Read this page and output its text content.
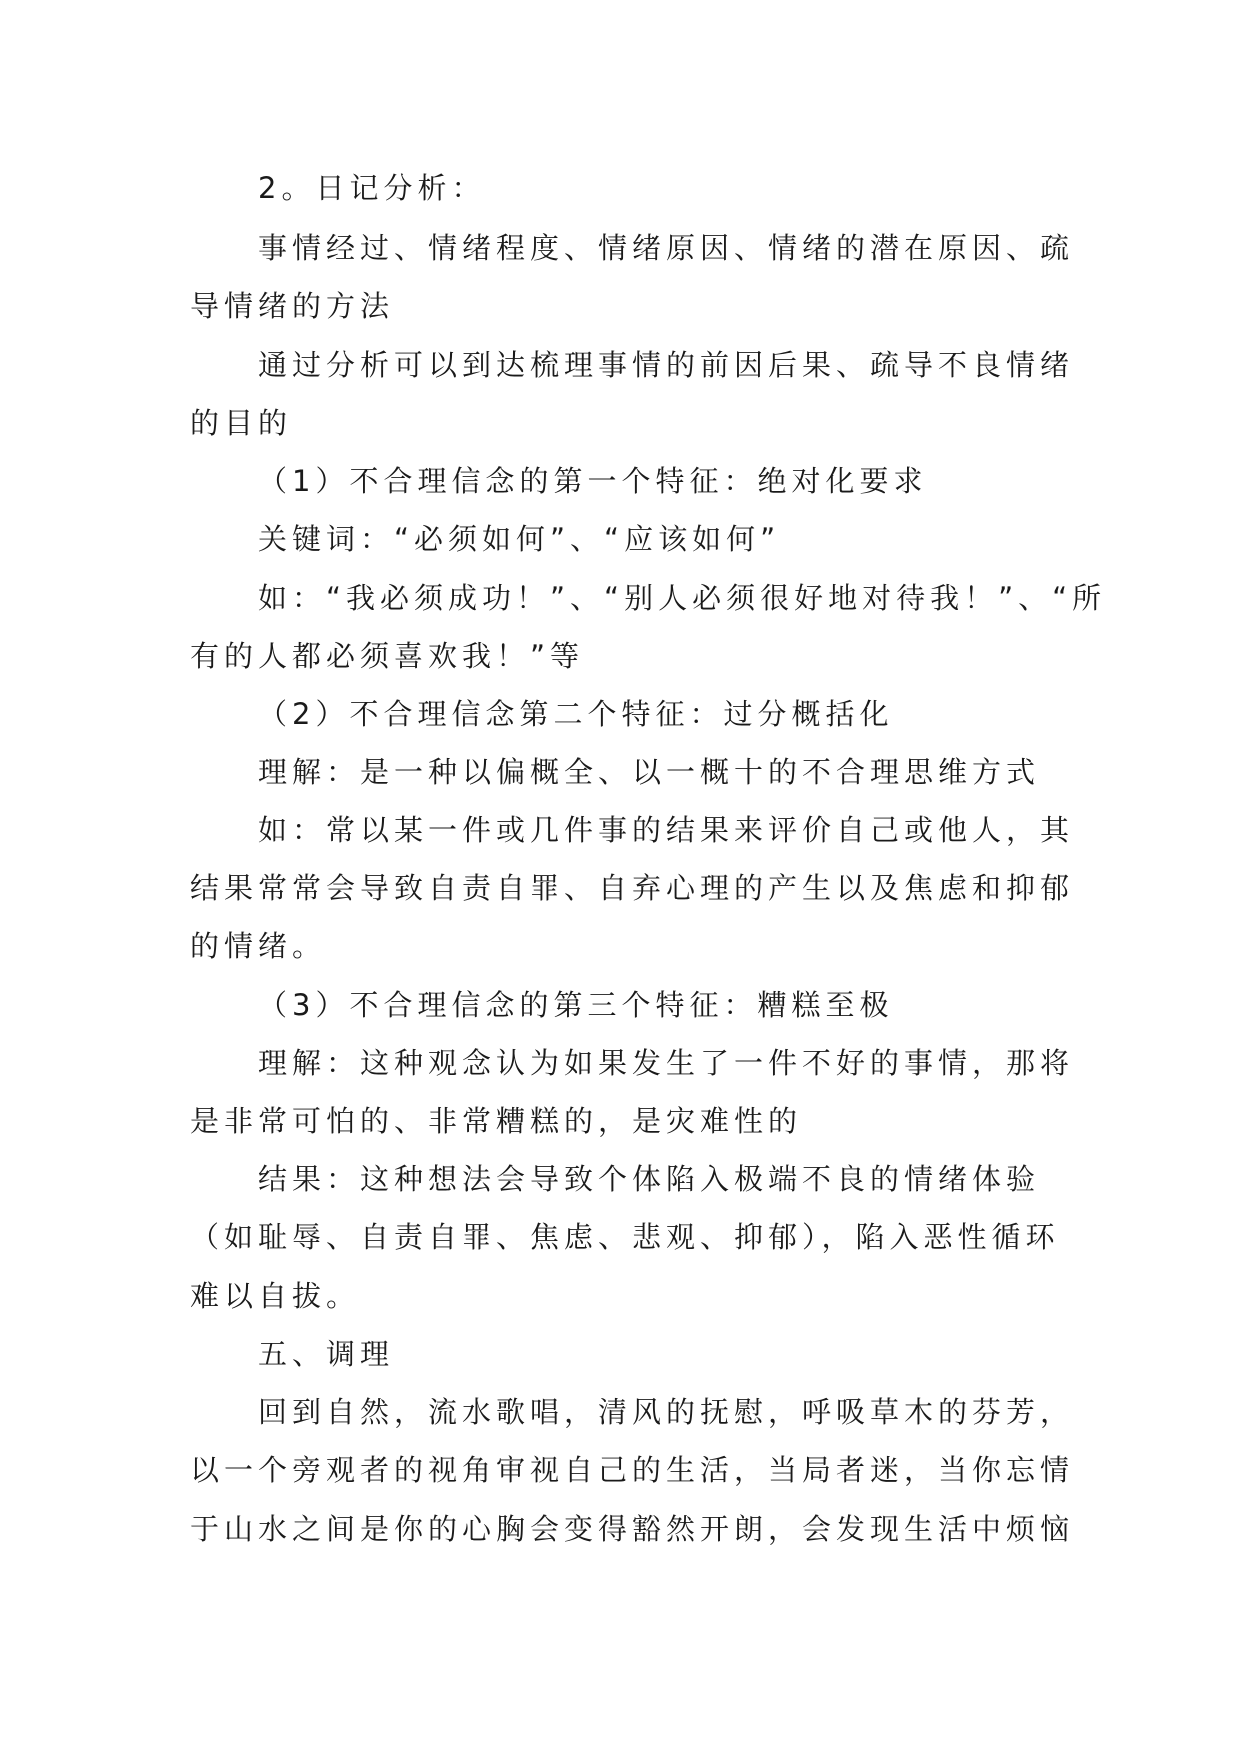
2。日记分析：

事情经过、情绪程度、情绪原因、情绪的潜在原因、疏

导情绪的方法

通过分析可以到达梳理事情的前因后果、疏导不良情绪

的目的

（1）不合理信念的第一个特征：绝对化要求

关键词：“必须如何”、“应该如何”

如：“我必须成功！”、“别人必须很好地对待我！”、“所

有的人都必须喜欢我！”等

（2）不合理信念第二个特征：过分概括化

理解：是一种以偏概全、以一概十的不合理思维方式

如：常以某一件或几件事的结果来评价自己或他人，其

结果常常会导致自责自罪、自弃心理的产生以及焦虑和抑郁

的情绪。

（3）不合理信念的第三个特征：糟糕至极

理解：这种观念认为如果发生了一件不好的事情，那将

是非常可怕的、非常糟糕的，是灾难性的

结果：这种想法会导致个体陷入极端不良的情绪体验

（如耻辱、自责自罪、焦虑、悲观、抑郁），陷入恶性循环

难以自拔。

五、调理

回到自然，流水歌唱，清风的抚慰，呼吸草木的芬芳，

以一个旁观者的视角审视自己的生活，当局者迷，当你忘情

于山水之间是你的心胸会变得豁然开朗，会发现生活中烦恼
